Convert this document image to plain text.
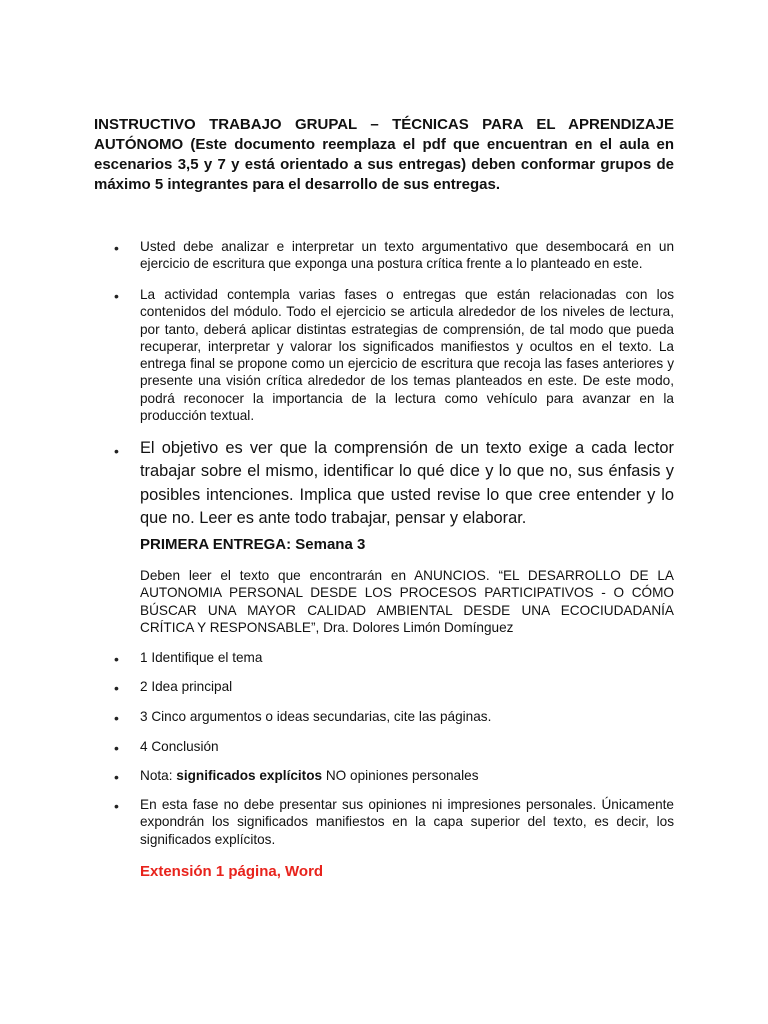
INSTRUCTIVO TRABAJO GRUPAL – TÉCNICAS PARA EL APRENDIZAJE AUTÓNOMO (Este documento reemplaza el pdf que encuentran en el aula en escenarios 3,5 y 7 y está orientado a sus entregas) deben conformar grupos de máximo 5 integrantes para el desarrollo de sus entregas.

• Usted debe analizar e interpretar un texto argumentativo que desembocará en un ejercicio de escritura que exponga una postura crítica frente a lo planteado en este.

• La actividad contempla varias fases o entregas que están relacionadas con los contenidos del módulo. Todo el ejercicio se articula alrededor de los niveles de lectura, por tanto, deberá aplicar distintas estrategias de comprensión, de tal modo que pueda recuperar, interpretar y valorar los significados manifiestos y ocultos en el texto. La entrega final se propone como un ejercicio de escritura que recoja las fases anteriores y presente una visión crítica alrededor de los temas planteados en este. De este modo, podrá reconocer la importancia de la lectura como vehículo para avanzar en la producción textual.

• El objetivo es ver que la comprensión de un texto exige a cada lector trabajar sobre el mismo, identificar lo qué dice y lo que no, sus énfasis y posibles intenciones. Implica que usted revise lo que cree entender y lo que no. Leer es ante todo trabajar, pensar y elaborar.

PRIMERA ENTREGA: Semana 3

Deben leer el texto que encontrarán en ANUNCIOS. “EL DESARROLLO DE LA AUTONOMIA PERSONAL DESDE LOS PROCESOS PARTICIPATIVOS - O CÓMO BÚSCAR UNA MAYOR CALIDAD AMBIENTAL DESDE UNA ECOCIUDADANÍA CRÍTICA Y RESPONSABLE”, Dra. Dolores Limón Domínguez

• 1 Identifique el tema

• 2 Idea principal

• 3 Cinco argumentos o ideas secundarias, cite las páginas.

• 4 Conclusión

• Nota: significados explícitos NO opiniones personales

• En esta fase no debe presentar sus opiniones ni impresiones personales. Únicamente expondrán los significados manifiestos en la capa superior del texto, es decir, los significados explícitos.

Extensión 1 página, Word
